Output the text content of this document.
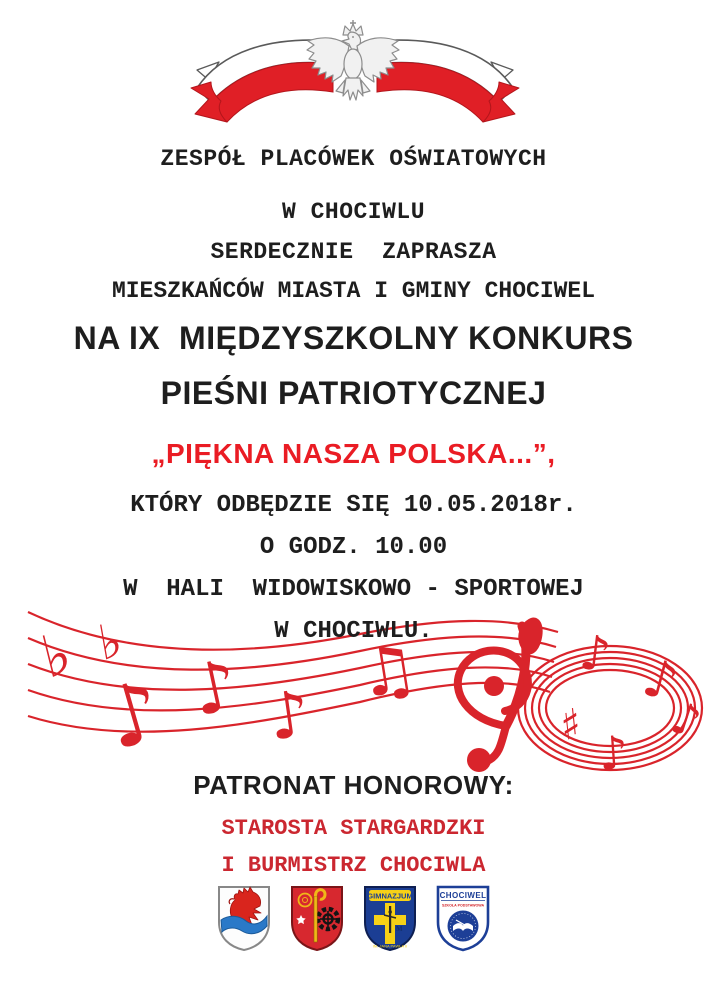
ZESPÓŁ PLACÓWEK OŚWIATOWYCH
W CHOCIWLU
SERDECZNIE  ZAPRASZA
MIESZKAŃCÓW MIASTA I GMINY CHOCIWEL
NA IX  MIĘDZYSZKOLNY KONKURS
PIEŚNI PATRIOTYCZNEJ
„PIĘKNA NASZA POLSKA...”,
KTÓRY ODBĘDZIE SIĘ 10.05.2018r.
O GODZ. 10.00
W  HALI  WIDOWISKOWO - SPORTOWEJ
W CHOCIWLU.
♭ ♭
♪ ♪ ♪
♫	♪ ♪
♯
♪
♪
PATRONAT HONOROWY:
STAROSTA STARGARDZKI
I BURMISTRZ CHOCIWLA
GIMNAZJUM
M
IM. JANA PAWŁA II
CHOCIWEL
SZKOŁA PODSTAWOWA
